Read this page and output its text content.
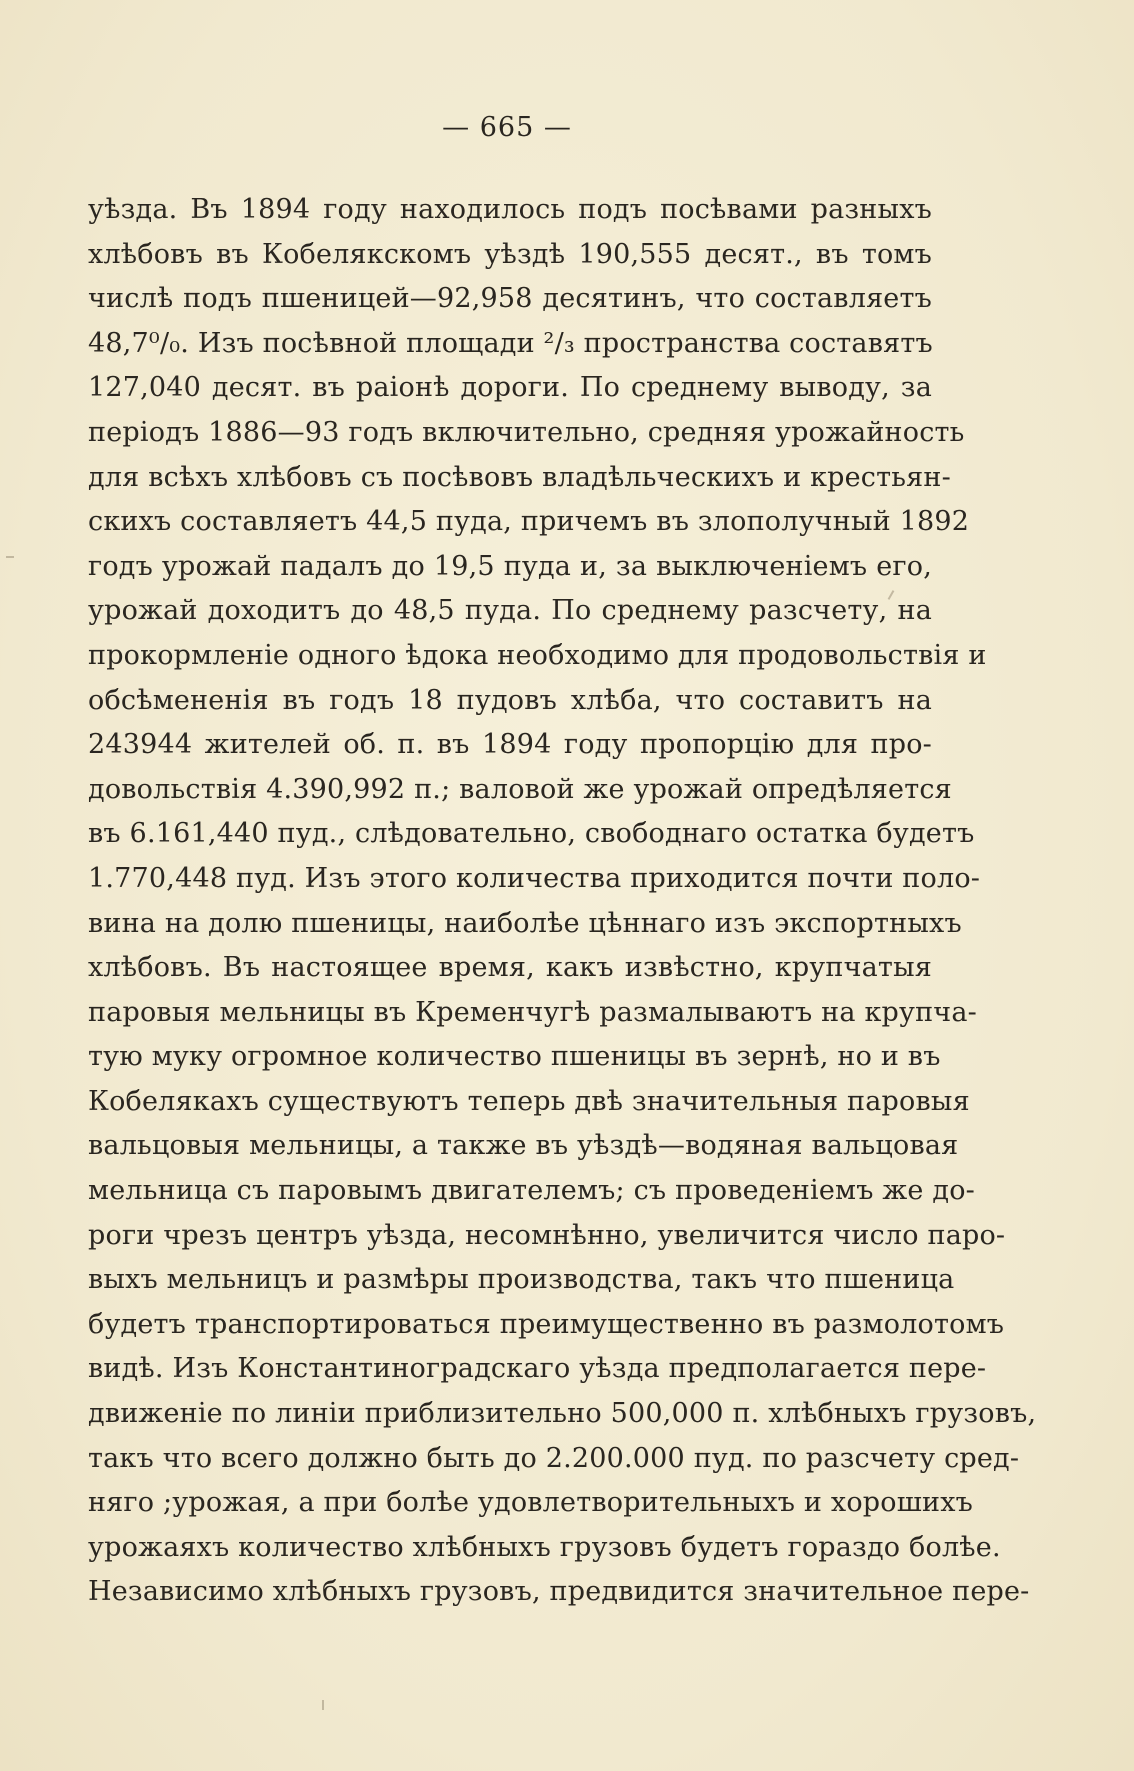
— 665 —
уѣзда. Въ 1894 году находилось подъ посѣвами разныхъ
хлѣбовъ въ Кобелякскомъ уѣздѣ 190,555 десят., въ томъ
числѣ подъ пшеницей—92,958 десятинъ, что составляетъ
48,7⁰/₀. Изъ посѣвной площади ²/₃ пространства составятъ
127,040 десят. въ раіонѣ дороги. По среднему выводу, за
періодъ 1886—93 годъ включительно, средняя урожайность
для всѣхъ хлѣбовъ съ посѣвовъ владѣльческихъ и крестьян-
скихъ составляетъ 44,5 пуда, причемъ въ злополучный 1892
годъ урожай падалъ до 19,5 пуда и, за выключеніемъ его,
урожай доходитъ до 48,5 пуда. По среднему разсчету, на
прокормленіе одного ѣдока необходимо для продовольствія и
обсѣмененія въ годъ 18 пудовъ хлѣба, что составитъ на
243944 жителей об. п. въ 1894 году пропорцію для про-
довольствія 4.390,992 п.; валовой же урожай опредѣляется
въ 6.161,440 пуд., слѣдовательно, свободнаго остатка будетъ
1.770,448 пуд. Изъ этого количества приходится почти поло-
вина на долю пшеницы, наиболѣе цѣннаго изъ экспортныхъ
хлѣбовъ. Въ настоящее время, какъ извѣстно, крупчатыя
паровыя мельницы въ Кременчугѣ размалываютъ на крупча-
тую муку огромное количество пшеницы въ зернѣ, но и въ
Кобелякахъ существуютъ теперь двѣ значительныя паровыя
вальцовыя мельницы, а также въ уѣздѣ—водяная вальцовая
мельница съ паровымъ двигателемъ; съ проведеніемъ же до-
роги чрезъ центръ уѣзда, несомнѣнно, увеличится число паро-
выхъ мельницъ и размѣры производства, такъ что пшеница
будетъ транспортироваться преимущественно въ размолотомъ
видѣ. Изъ Константиноградскаго уѣзда предполагается пере-
движеніе по линіи приблизительно 500,000 п. хлѣбныхъ грузовъ,
такъ что всего должно быть до 2.200.000 пуд. по разсчету сред-
няго ;урожая, а при болѣе удовлетворительныхъ и хорошихъ
урожаяхъ количество хлѣбныхъ грузовъ будетъ гораздо болѣе.
Независимо хлѣбныхъ грузовъ, предвидится значительное пере-
